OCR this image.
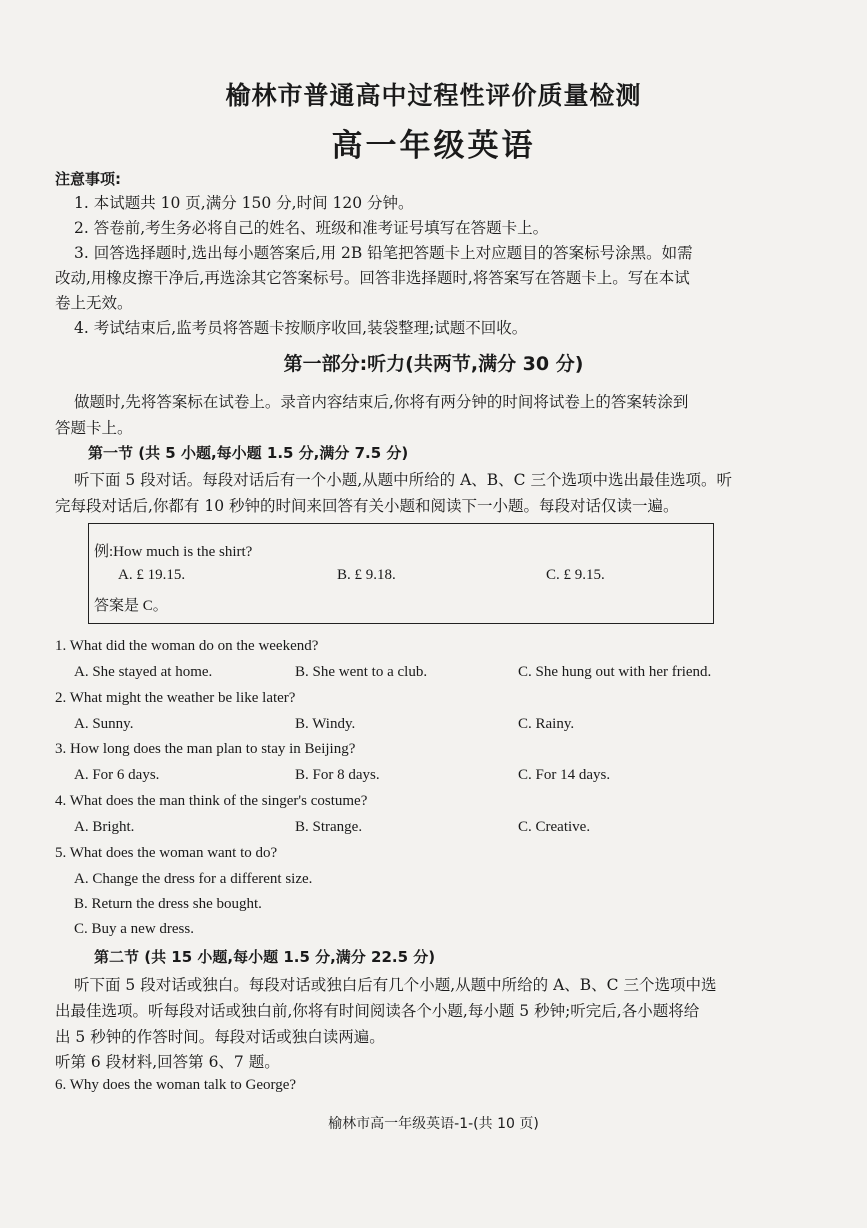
榆林市普通高中过程性评价质量检测
高一年级英语
注意事项:
1. 本试题共 10 页,满分 150 分,时间 120 分钟。
2. 答卷前,考生务必将自己的姓名、班级和准考证号填写在答题卡上。
3. 回答选择题时,选出每小题答案后,用 2B 铅笔把答题卡上对应题目的答案标号涂黑。如需
改动,用橡皮擦干净后,再选涂其它答案标号。回答非选择题时,将答案写在答题卡上。写在本试
卷上无效。
4. 考试结束后,监考员将答题卡按顺序收回,装袋整理;试题不回收。
第一部分:听力(共两节,满分 30 分)
做题时,先将答案标在试卷上。录音内容结束后,你将有两分钟的时间将试卷上的答案转涂到
答题卡上。
第一节 (共 5 小题,每小题 1.5 分,满分 7.5 分)
听下面 5 段对话。每段对话后有一个小题,从题中所给的 A、B、C 三个选项中选出最佳选项。听
完每段对话后,你都有 10 秒钟的时间来回答有关小题和阅读下一小题。每段对话仅读一遍。
例:How much is the shirt?
A. £ 19.15.	B. £ 9.18.	C. £ 9.15.
答案是 C。
1. What did the woman do on the weekend?
A. She stayed at home.	B. She went to a club.	C. She hung out with her friend.
2. What might the weather be like later?
A. Sunny.	B. Windy.	C. Rainy.
3. How long does the man plan to stay in Beijing?
A. For 6 days.	B. For 8 days.	C. For 14 days.
4. What does the man think of the singer's costume?
A. Bright.	B. Strange.	C. Creative.
5. What does the woman want to do?
A. Change the dress for a different size.
B. Return the dress she bought.
C. Buy a new dress.
第二节 (共 15 小题,每小题 1.5 分,满分 22.5 分)
听下面 5 段对话或独白。每段对话或独白后有几个小题,从题中所给的 A、B、C 三个选项中选
出最佳选项。听每段对话或独白前,你将有时间阅读各个小题,每小题 5 秒钟;听完后,各小题将给
出 5 秒钟的作答时间。每段对话或独白读两遍。
听第 6 段材料,回答第 6、7 题。
6. Why does the woman talk to George?
榆林市高一年级英语-1-(共 10 页)
